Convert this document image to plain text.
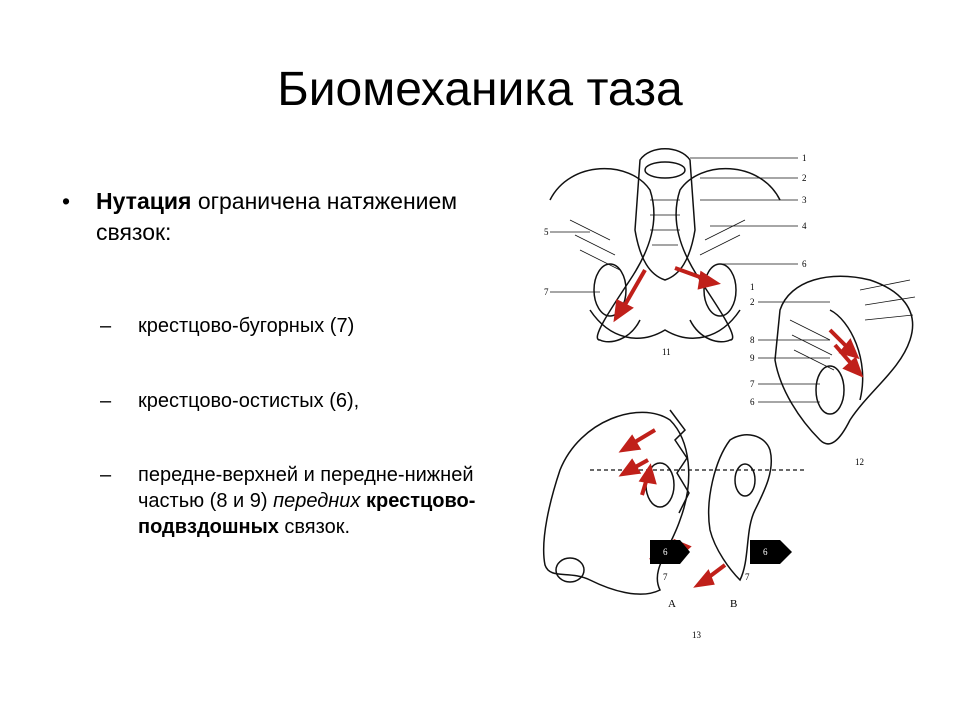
Биомеханика таза
• Нутация ограничена натяжением связок:
– крестцово-бугорных (7)
– крестцово-остистых (6),
– передне-верхней и передне-нижней частью (8 и 9) передних крестцово-подвздошных связок.
1
2
3
4
5
6
7
11
1
2
8
9
7
6
12
A	B
13
6
7
6
7
